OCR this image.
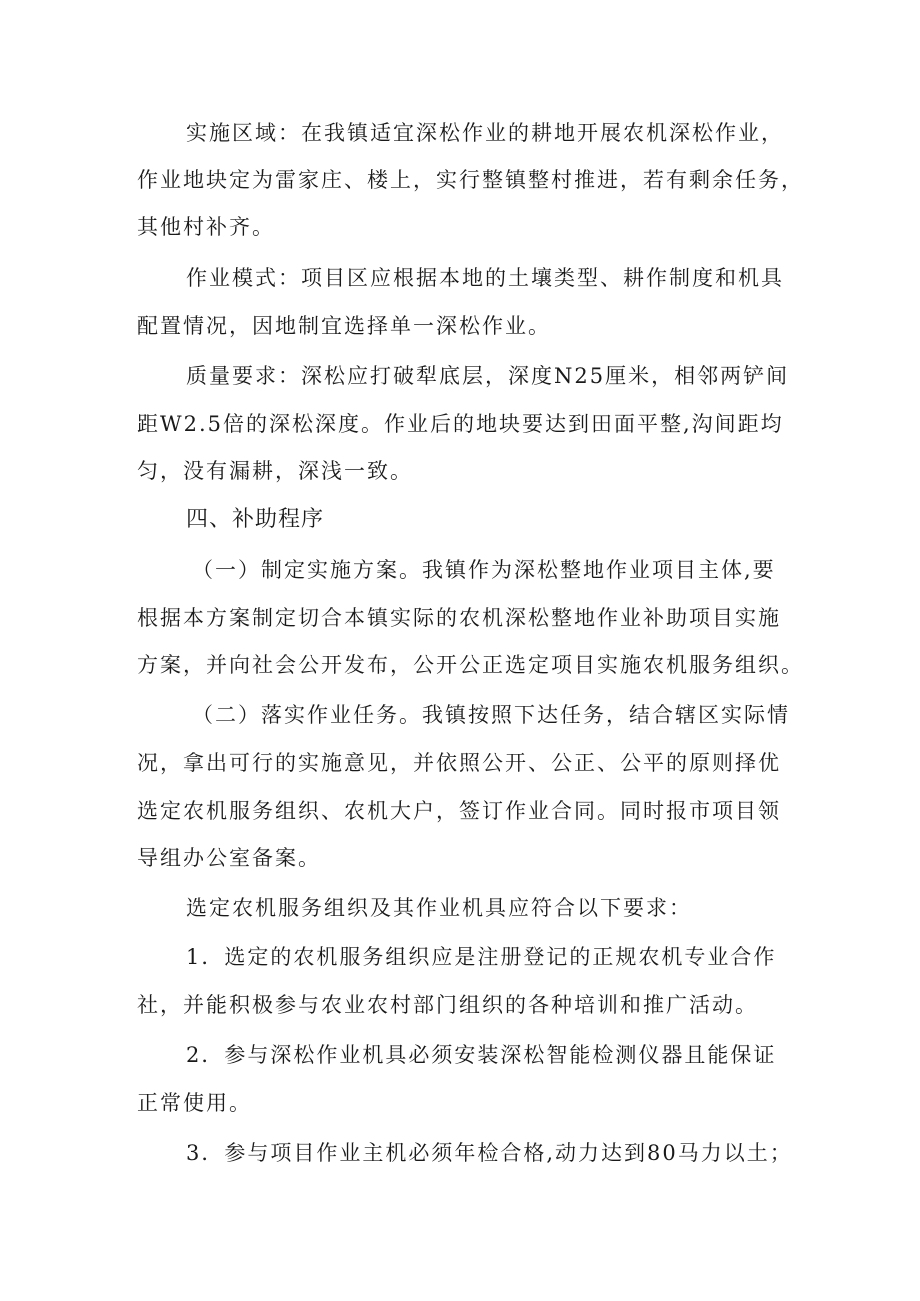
实施区域：在我镇适宜深松作业的耕地开展农机深松作业，
作业地块定为雷家庄、楼上，实行整镇整村推进，若有剩余任务，
其他村补齐。
作业模式：项目区应根据本地的土壤类型、耕作制度和机具
配置情况，因地制宜选择单一深松作业。
质量要求：深松应打破犁底层，深度N25厘米，相邻两铲间
距W2.5倍的深松深度。作业后的地块要达到田面平整,沟间距均
匀，没有漏耕，深浅一致。
四、补助程序
（一）制定实施方案。我镇作为深松整地作业项目主体,要
根据本方案制定切合本镇实际的农机深松整地作业补助项目实施
方案，并向社会公开发布，公开公正选定项目实施农机服务组织。
（二）落实作业任务。我镇按照下达任务，结合辖区实际情
况，拿出可行的实施意见，并依照公开、公正、公平的原则择优
选定农机服务组织、农机大户，签订作业合同。同时报市项目领
导组办公室备案。
选定农机服务组织及其作业机具应符合以下要求：
1．选定的农机服务组织应是注册登记的正规农机专业合作
社，并能积极参与农业农村部门组织的各种培训和推广活动。
2．参与深松作业机具必须安装深松智能检测仪器且能保证
正常使用。
3．参与项目作业主机必须年检合格,动力达到80马力以土；
